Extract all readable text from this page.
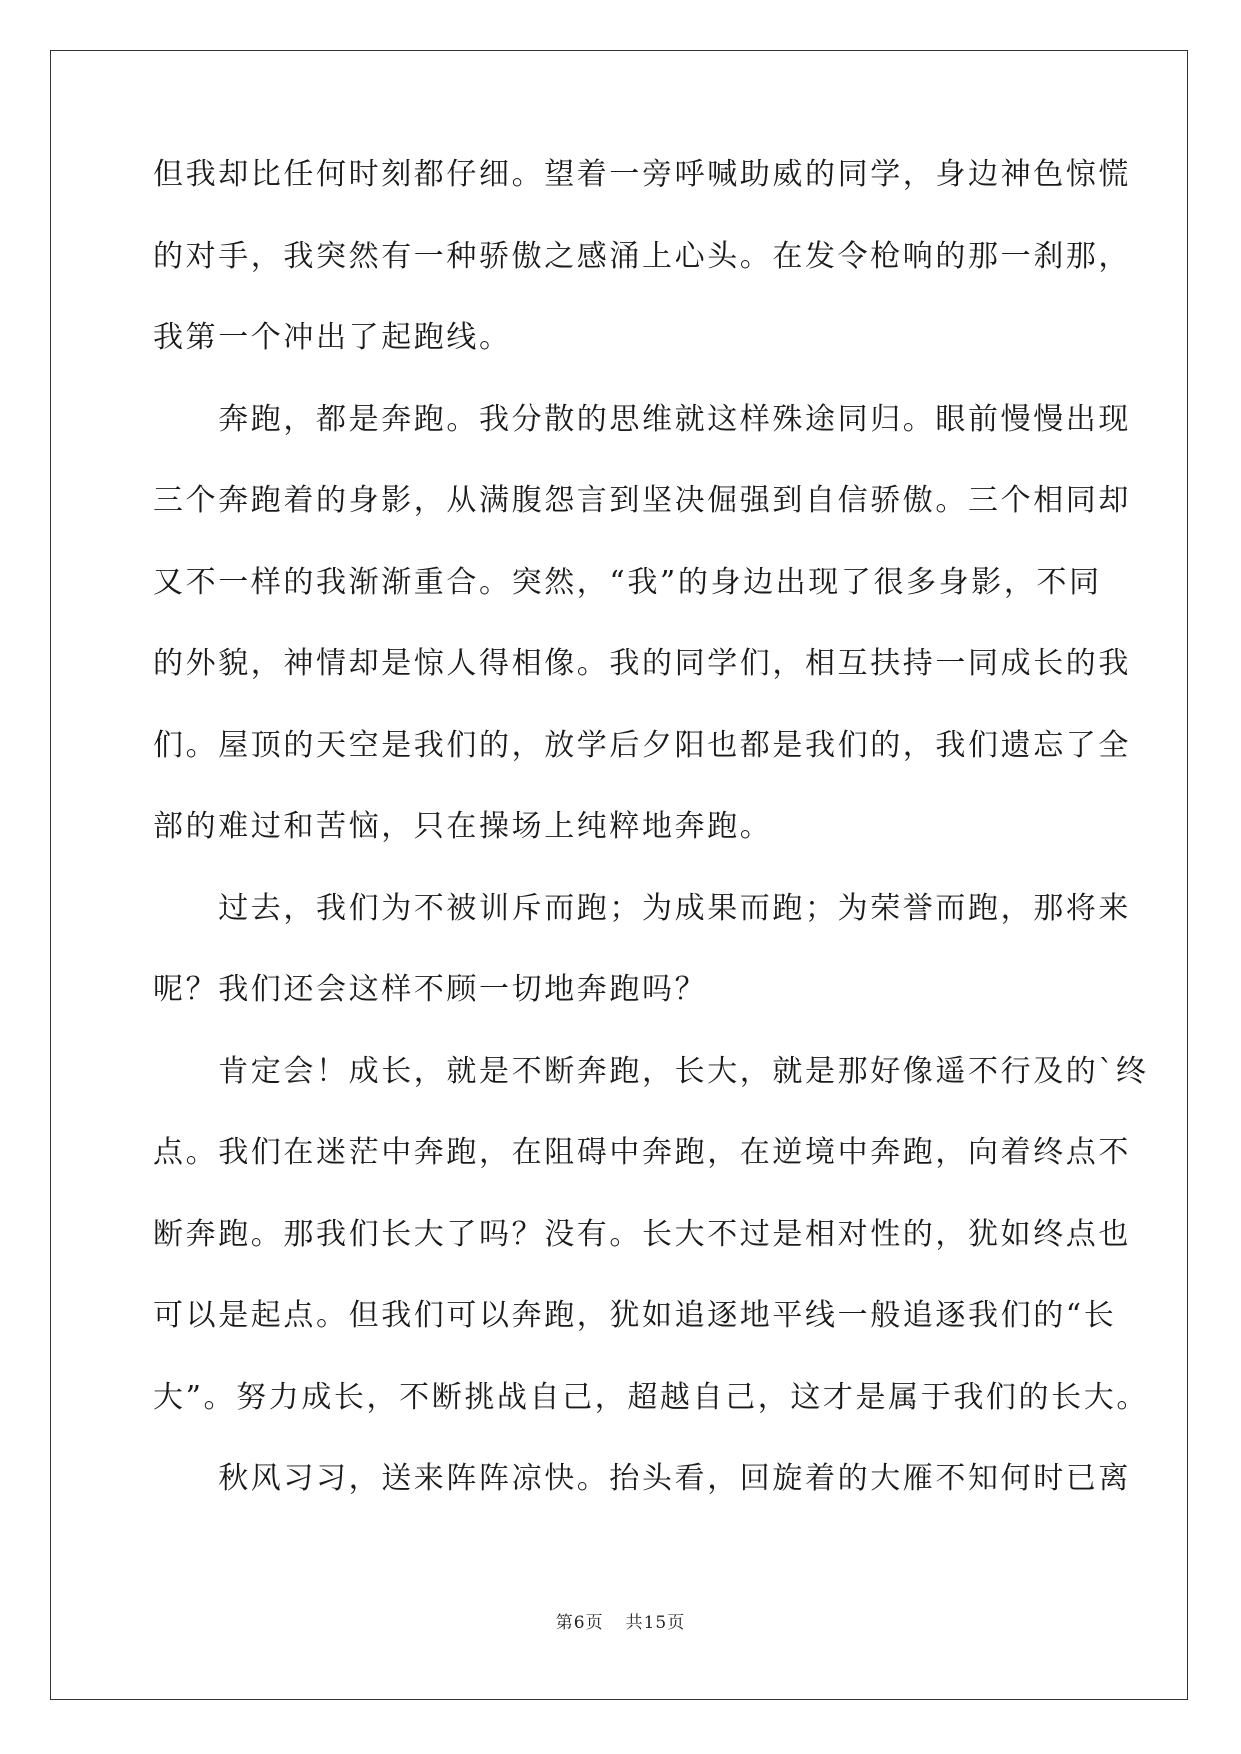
但我却比任何时刻都仔细。望着一旁呼喊助威的同学，身边神色惊慌

的对手，我突然有一种骄傲之感涌上心头。在发令枪响的那一刹那，

我第一个冲出了起跑线。

　　奔跑，都是奔跑。我分散的思维就这样殊途同归。眼前慢慢出现

三个奔跑着的身影，从满腹怨言到坚决倔强到自信骄傲。三个相同却

又不一样的我渐渐重合。突然，“我”的身边出现了很多身影，不同

的外貌，神情却是惊人得相像。我的同学们，相互扶持一同成长的我

们。屋顶的天空是我们的，放学后夕阳也都是我们的，我们遗忘了全

部的难过和苦恼，只在操场上纯粹地奔跑。

　　过去，我们为不被训斥而跑；为成果而跑；为荣誉而跑，那将来

呢？我们还会这样不顾一切地奔跑吗？

　　肯定会！成长，就是不断奔跑，长大，就是那好像遥不行及的`终

点。我们在迷茫中奔跑，在阻碍中奔跑，在逆境中奔跑，向着终点不

断奔跑。那我们长大了吗？没有。长大不过是相对性的，犹如终点也

可以是起点。但我们可以奔跑，犹如追逐地平线一般追逐我们的“长

大”。努力成长，不断挑战自己，超越自己，这才是属于我们的长大。

　　秋风习习，送来阵阵凉快。抬头看，回旋着的大雁不知何时已离

第6页 共15页
